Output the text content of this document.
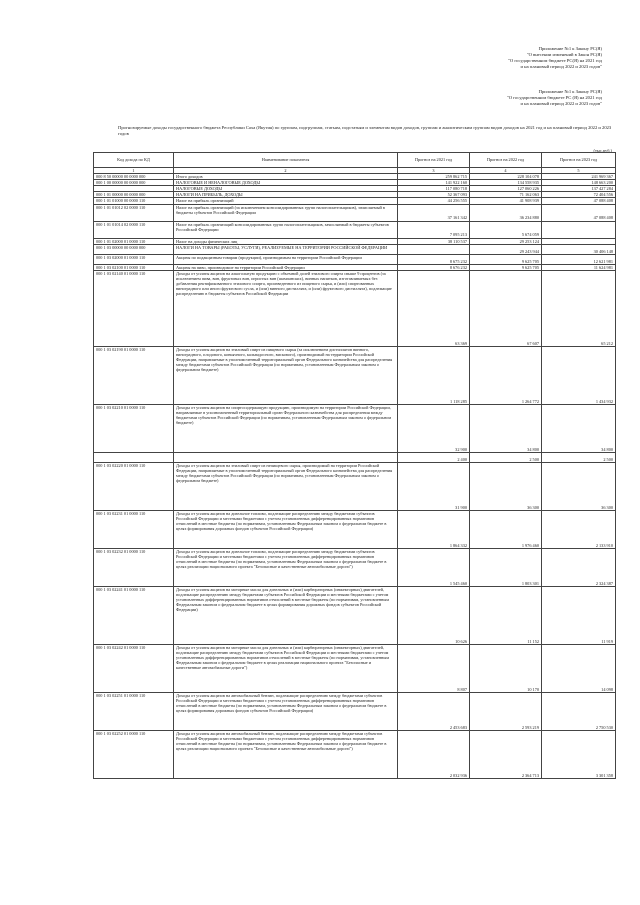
Приложение №1 к Закону РС(Я)
"О внесении изменений в Закон РС(Я)
"О государственном бюджете РС(Я) на 2021 год
и на плановый период 2022 и 2023 годов"
Приложение №1 к Закону РС(Я)
"О государственном бюджете РС (Я) на 2021 год
и на плановый период 2022 и 2023 годов"
Прогнозируемые доходы государственного бюджета Республики Саха (Якутия) по группам, подгруппам, статьям, подстатьям и элементам видов доходов, группам и аналитическим группам видов доходов на 2021 год и на плановый период 2022 и 2023 годов
(тыс.руб.)
Код дохода по КД	Наименование показателя	Прогноз на 2021 год	Прогноз на 2022 год	Прогноз на 2023 год
1	2	3	4	5
000 8 50 00000 00 0000 000	Итого доходов	259 862 715	228 104 078	241 969 367
000 1 00 00000 00 0000 000	НАЛОГОВЫЕ И НЕНАЛОГОВЫЕ ДОХОДЫ	141 922 160	134 558 935	148 663 200
	НАЛОГОВЫЕ ДОХОДЫ	117 080 718	127 060 226	137 427 284
000 1 01 00000 00 0000 000	НАЛОГИ НА ПРИБЫЛЬ, ДОХОДЫ	52 367 093	71 162 063	72 404 556
000 1 01 01000 00 0000 110	Налог на прибыль организаций	44 256 555	41 908 939	47 088 408
000 1 01 01012 02 0000 110	Налог на прибыль организаций (за исключением консолидированных групп налогоплательщиков), зачисляемый в бюджеты субъектов Российской Федерации	37 161 342	36 234 880	47 088 408
000 1 01 01014 02 0000 110	Налог на прибыль организаций консолидированных групп налогоплательщиков, зачисляемый в бюджеты субъектов Российской Федерации	7 095 213	5 674 059	
000 1 01 02000 01 0000 110	Налог на доходы физических лиц	38 110 537	29 253 124	
000 1 03 00000 00 0000 000	НАЛОГИ НА ТОВАРЫ (РАБОТЫ, УСЛУГИ), РЕАЛИЗУЕМЫЕ НА ТЕРРИТОРИИ РОССИЙСКОЙ ФЕДЕРАЦИИ		29 243 944	30 406 148
000 1 03 02000 01 0000 110	Акцизы по подакцизным товарам (продукции), производимым на территории Российской Федерации	8 675 232	9 625 705	12 621 981
000 1 03 02100 01 0000 110	Акцизы на пиво, производимое на территории Российской Федерации	8 676 232	9 625 705	11 624 981
000 1 03 02140 01 0000 110	Доходы от уплаты акцизов на алкогольную продукцию с объемной долей этилового спирта свыше 9 процентов (за исключением пива, вин, фруктовых вин, игристых вин (шампанских), винных напитков, изготавливаемых без добавления ректификованного этилового спирта, произведенного из пищевого сырья, и (или) спиртованных виноградного или иного фруктового сусла, и (или) винного дистиллята, и (или) фруктового дистиллята), подлежащие распределению в бюджеты субъектов Российской Федерации	63 369	67 607	65 212
000 1 03 02190 01 0000 110	Доходы от уплаты акцизов на этиловый спирт из пищевого сырья (за исключением дистиллятов винного, виноградного, плодового, коньячного, кальвадосного, вискового), производимый на территории Российской Федерации, направляемые в уполномоченный территориальный орган Федерального казначейства для распределения между бюджетами субъектов Российской Федерации (по нормативам, установленным Федеральным законом о федеральном бюджете)	1 118 285	1 264 772	1 434 932
000 1 03 02210 01 0000 110	Доходы от уплаты акцизов на спиртосодержащую продукцию, производимую на территории Российской Федерации, направляемые в уполномоченный территориальный орган Федерального казначейства для распределения между бюджетами субъектов Российской Федерации (по нормативам, установленным Федеральным законом о федеральном бюджете)	32 900	34 800	34 800
		2 400	2 500	2 500
000 1 03 02220 01 0000 110	Доходы от уплаты акцизов на этиловый спирт из непищевого сырья, производимый на территории Российской Федерации, направляемые в уполномоченный территориальный орган Федерального казначейства для распределения между бюджетами субъектов Российской Федерации (по нормативам, установленным Федеральным законом о федеральном бюджете)	31 900	36 300	36 300
000 1 03 02231 01 0000 110	Доходы от уплаты акцизов на дизельное топливо, подлежащие распределению между бюджетами субъектов Российской Федерации и местными бюджетами с учетом установленных дифференцированных нормативов отчислений в местные бюджеты (по нормативам, установленным Федеральным законом о федеральном бюджете в целях формирования дорожных фондов субъектов Российской Федерации)	1 864 332	1 976 460	2 133 910
000 1 03 02232 01 0000 110	Доходы от уплаты акцизов на дизельное топливо, подлежащие распределению между бюджетами субъектов Российской Федерации и местными бюджетами с учетом установленных дифференцированных нормативов отчислений в местные бюджеты (по нормативам, установленным Федеральным законом о федеральном бюджете в целях реализации национального проекта "Безопасные и качественные автомобильные дороги")	1 545 460	1 803 301	2 324 387
000 1 03 02241 01 0000 110	Доходы от уплаты акцизов на моторные масла для дизельных и (или) карбюраторных (инжекторных) двигателей, подлежащие распределению между бюджетами субъектов Российской Федерации и местными бюджетами с учетом установленных дифференцированных нормативов отчислений в местные бюджеты (по нормативам, установленным Федеральным законом о федеральном бюджете в целях формирования дорожных фондов субъектов Российской Федерации)	10 626	11 152	11 919
000 1 03 02242 01 0000 110	Доходы от уплаты акцизов на моторные масла для дизельных и (или) карбюраторных (инжекторных) двигателей, подлежащие распределению между бюджетами субъектов Российской Федерации и местными бюджетами с учетом установленных дифференцированных нормативов отчислений в местные бюджеты (по нормативам, установленным Федеральным законом о федеральном бюджете в целях реализации национального проекта "Безопасные и качественные автомобильные дороги")	8 807	10 170	14 098
000 1 03 02251 01 0000 110	Доходы от уплаты акцизов на автомобильный бензин, подлежащие распределению между бюджетами субъектов Российской Федерации и местными бюджетами с учетом установленных дифференцированных нормативов отчислений в местные бюджеты (по нормативам, установленным Федеральным законом о федеральном бюджете в целях формирования дорожных фондов субъектов Российской Федерации)	2 453 683	2 593 219	2 750 530
000 1 03 02252 01 0000 110	Доходы от уплаты акцизов на автомобильный бензин, подлежащие распределению между бюджетами субъектов Российской Федерации и местными бюджетами с учетом установленных дифференцированных нормативов отчислений в местные бюджеты (по нормативам, установленным Федеральным законом о федеральном бюджете в целях реализации национального проекта "Безопасные и качественные автомобильные дороги")	2 032 936	2 364 713	3 301 358
